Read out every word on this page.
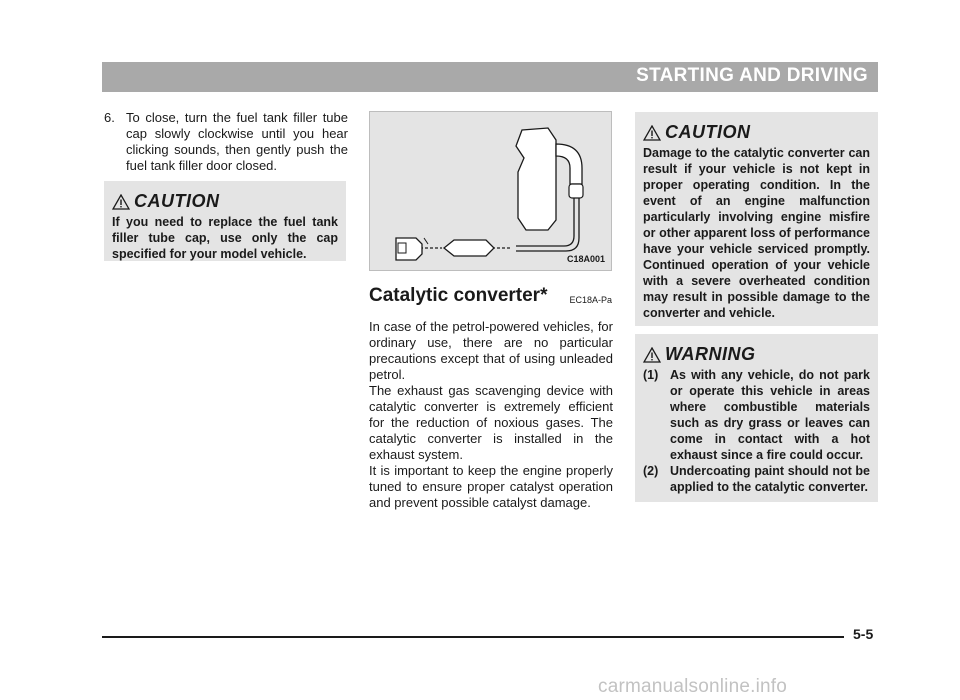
STARTING AND DRIVING
6. To close, turn the fuel tank filler tube cap slowly clockwise until you hear clicking sounds, then gently push the fuel tank filler door closed.
CAUTION
If you need to replace the fuel tank filler tube cap, use only the cap specified for your model vehicle.	C18A001
Catalytic converter* EC18A-Pa

In case of the petrol-powered vehicles, for ordinary use, there are no particular precautions except that of using unleaded petrol.

The exhaust gas scavenging device with catalytic converter is extremely efficient for the reduction of noxious gases. The catalytic converter is installed in the exhaust system.

It is important to keep the engine properly tuned to ensure proper catalyst operation and prevent possible catalyst damage.

CAUTION
Damage to the catalytic converter can result if your vehicle is not kept in proper operating condition. In the event of an engine malfunction particularly involving engine misfire or other apparent loss of performance have your vehicle serviced promptly. Continued operation of your vehicle with a severe overheated condition may result in possible damage to the converter and vehicle.
WARNING
(1) As with any vehicle, do not park or operate this vehicle in areas where combustible materials such as dry grass or leaves can come in contact with a hot exhaust since a fire could occur.
(2) Undercoating paint should not be applied to the catalytic converter.
5-5
carmanualsonline.info
